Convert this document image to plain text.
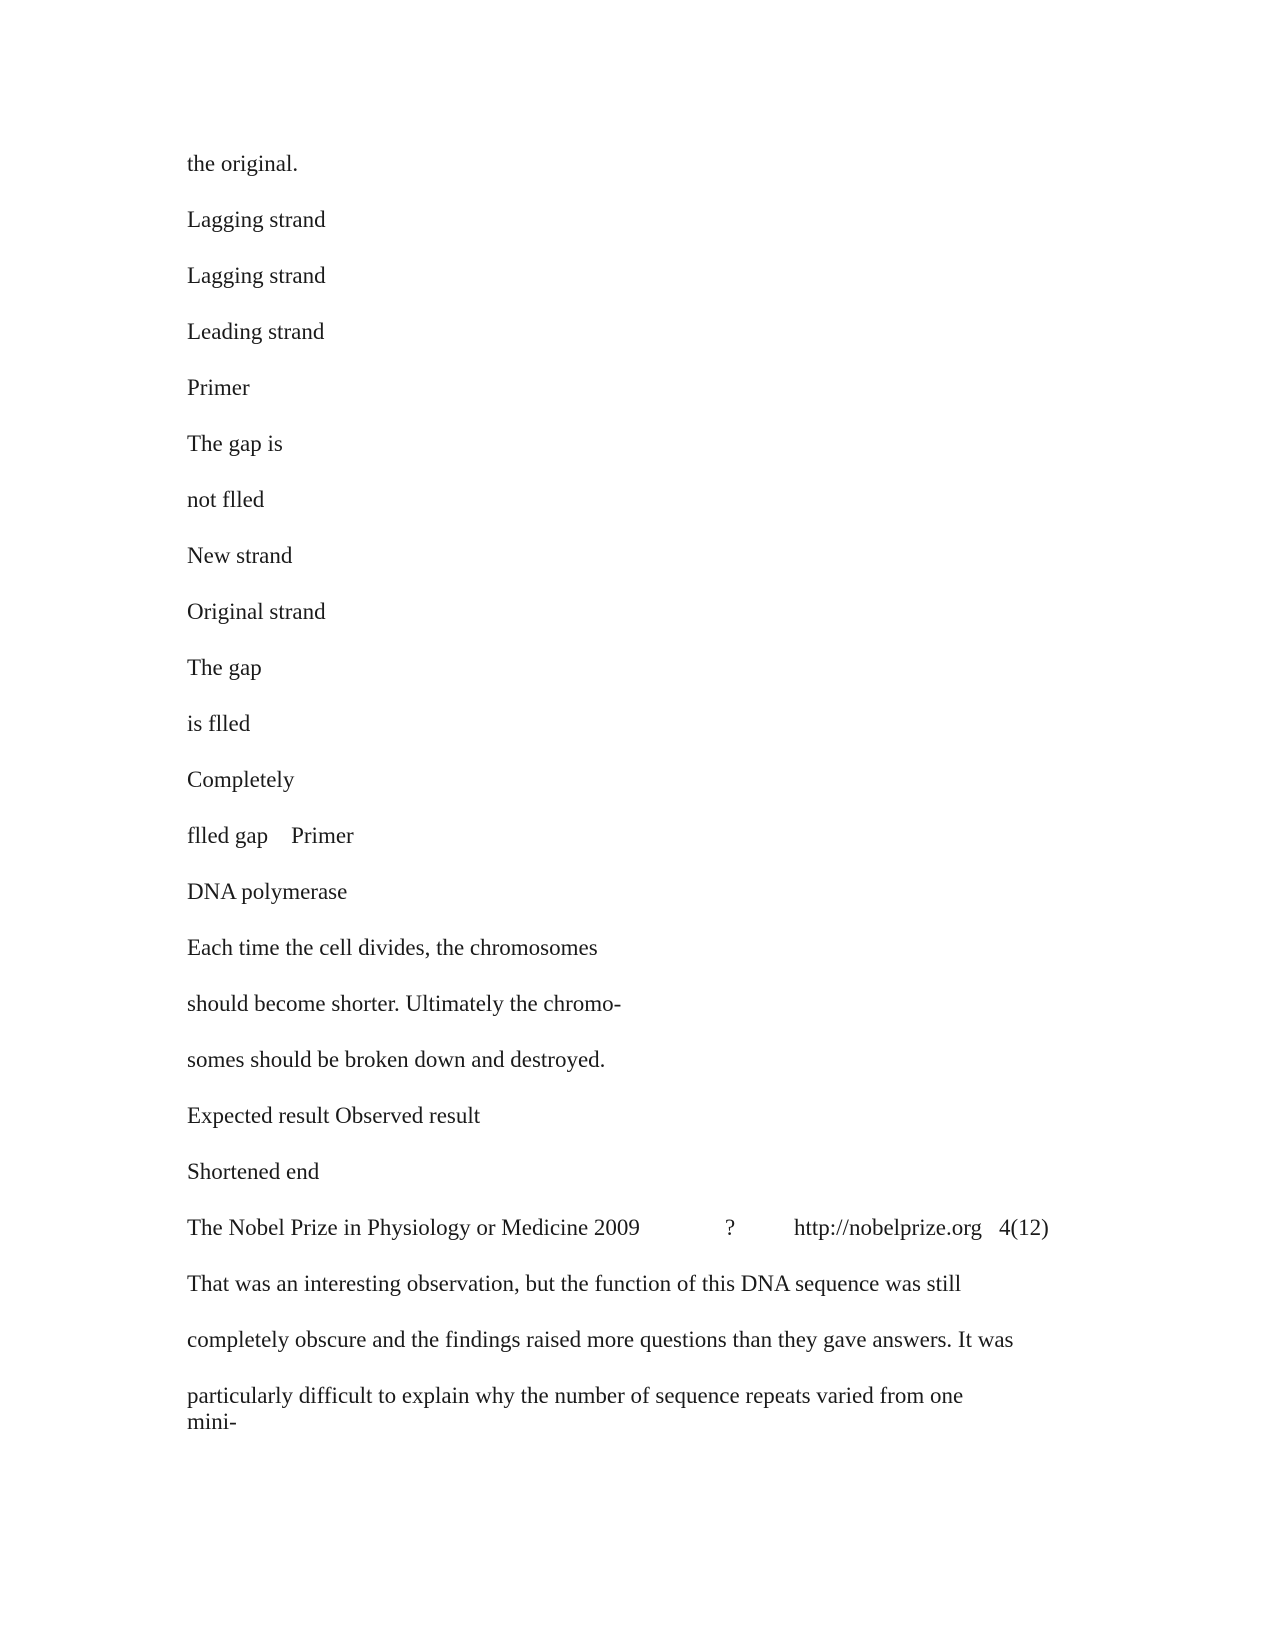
the original.
Lagging strand
Lagging strand
Leading strand
Primer
The gap is
not flled
New strand
Original strand
The gap
is flled
Completely
flled gap    Primer
DNA polymerase
Each time the cell divides, the chromosomes
should become shorter. Ultimately the chromo-
somes should be broken down and destroyed.
Expected result Observed result
Shortened end
The Nobel Prize in Physiology or Medicine 2009	?	http://nobelprize.org 4(12)
That was an interesting observation, but the function of this DNA sequence was still
completely obscure and the findings raised more questions than they gave answers. It was
particularly difficult to explain why the number of sequence repeats varied from one
mini-
